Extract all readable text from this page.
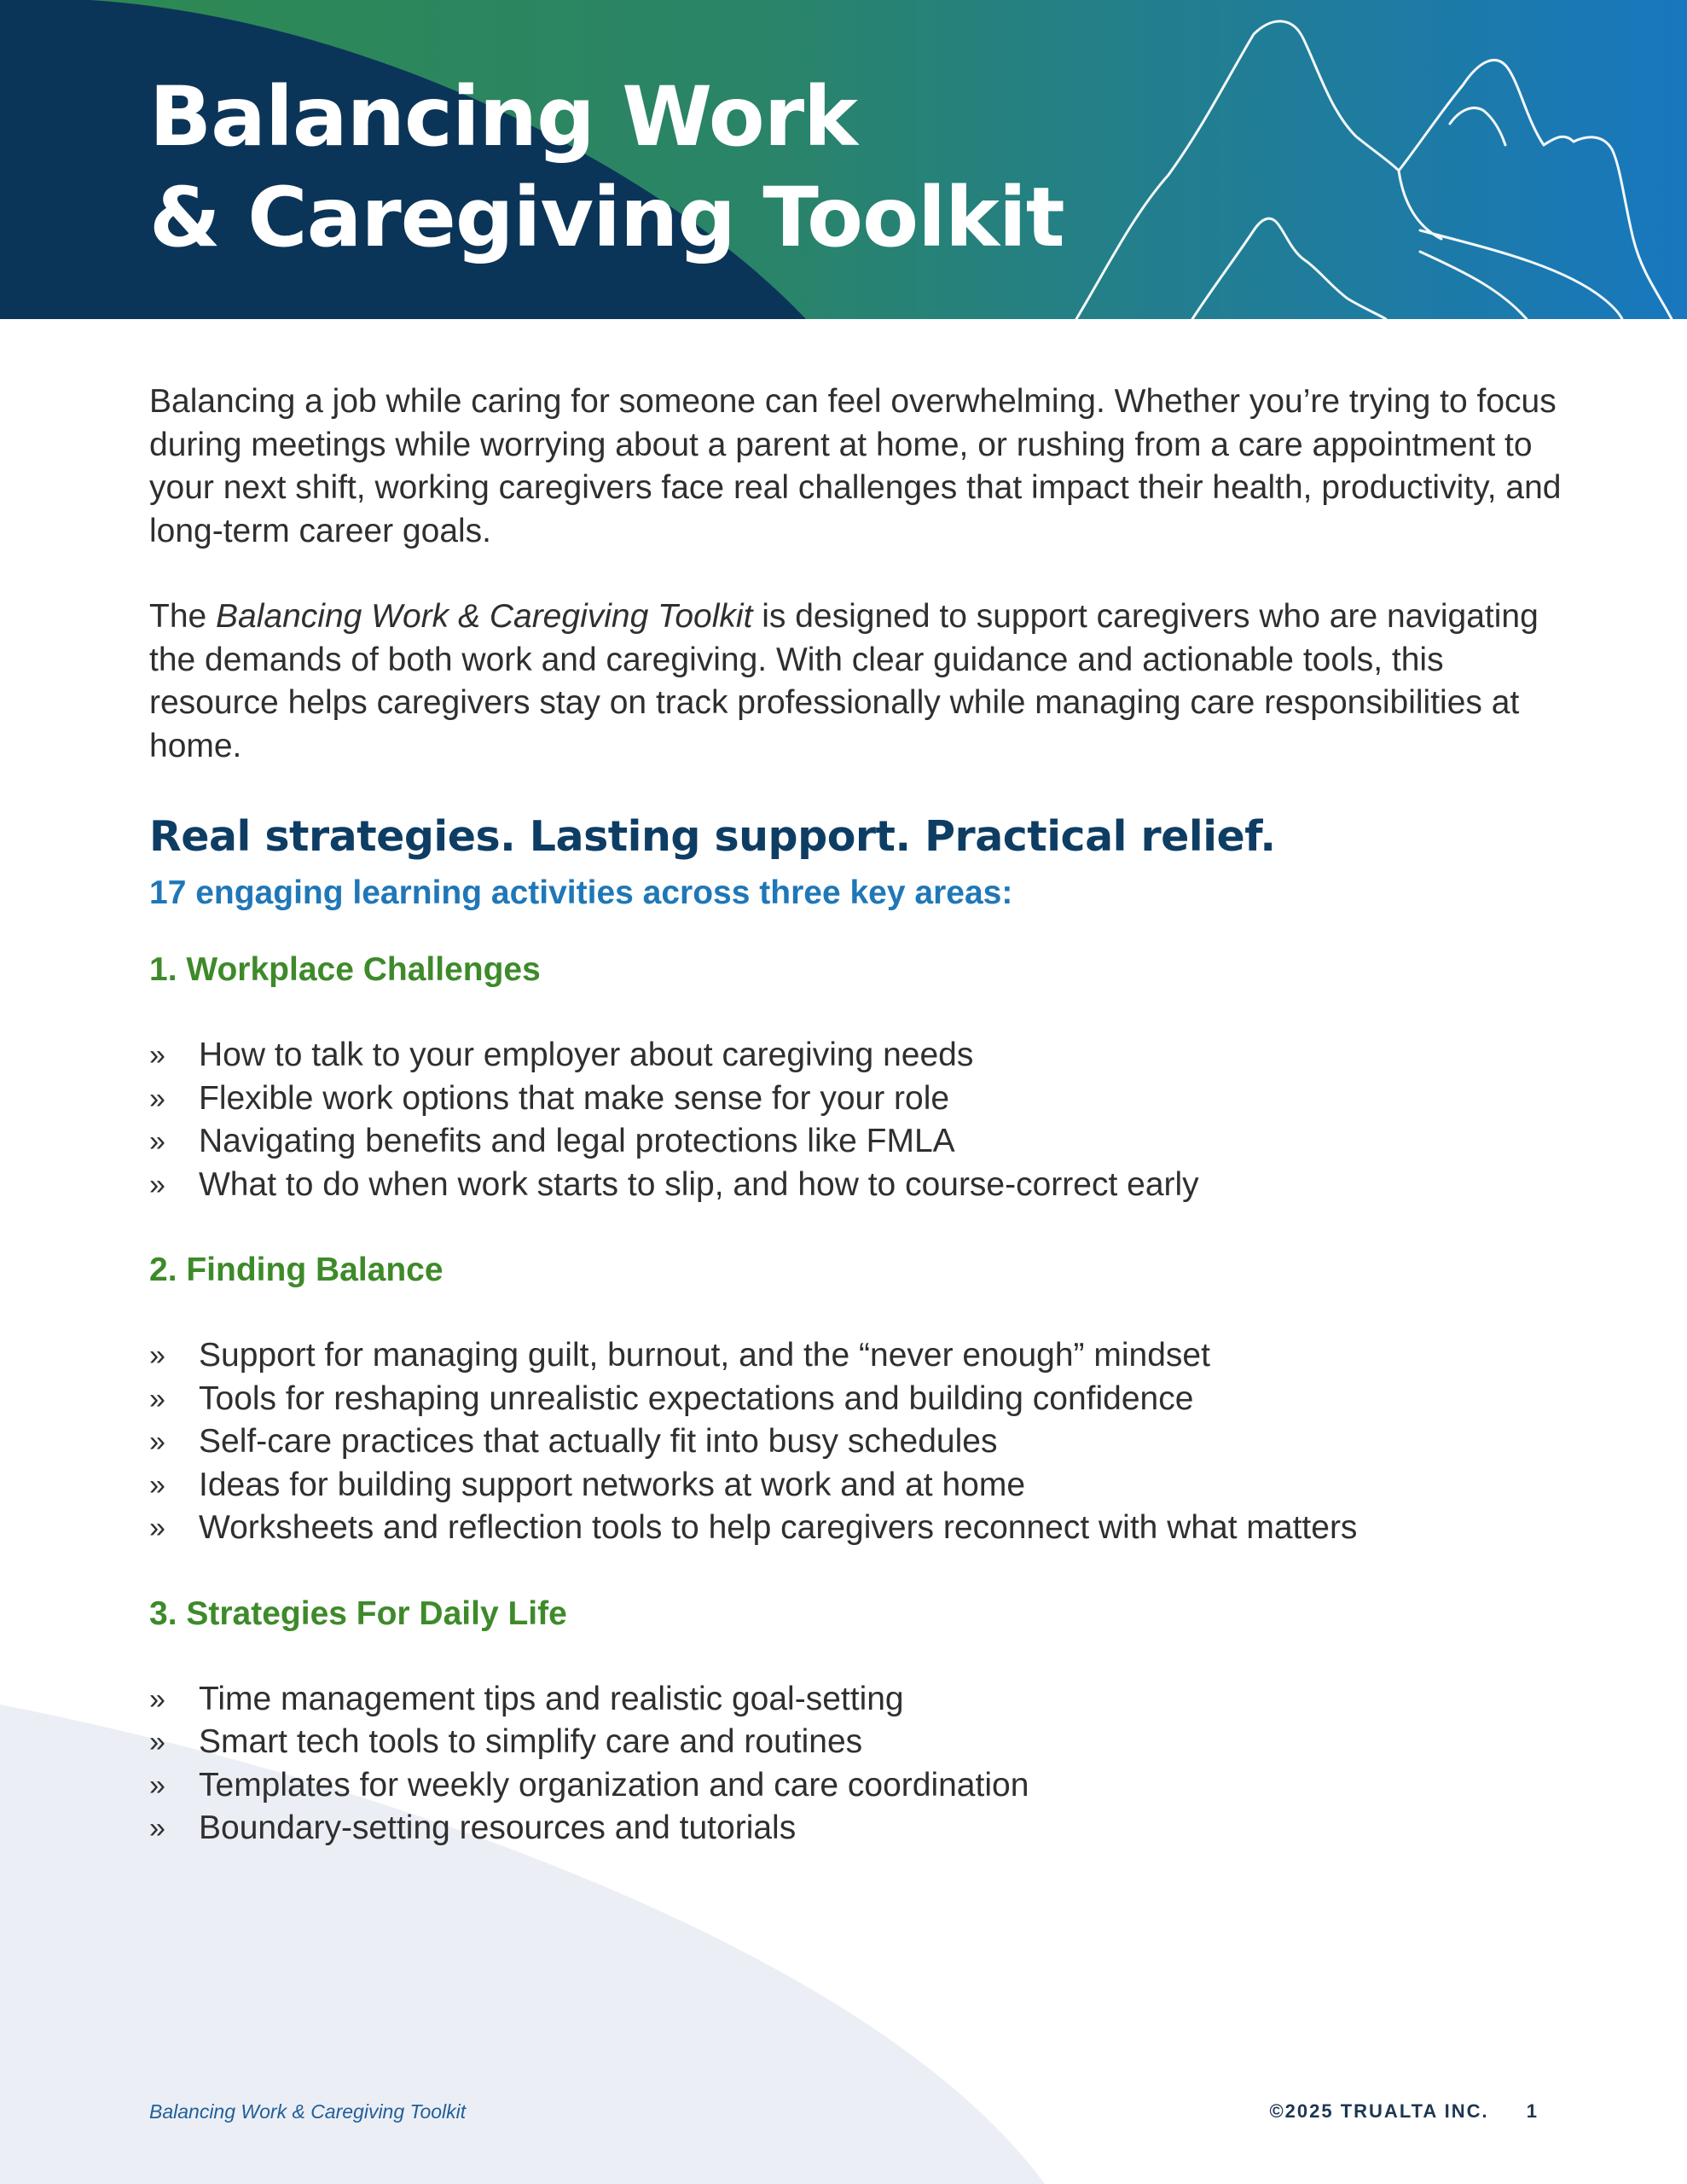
Balancing Work
& Caregiving Toolkit

Balancing a job while caring for someone can feel overwhelming. Whether you’re trying to focus during meetings while worrying about a parent at home, or rushing from a care appointment to your next shift, working caregivers face real challenges that impact their health, productivity, and long-term career goals.

The Balancing Work & Caregiving Toolkit is designed to support caregivers who are navigating the demands of both work and caregiving. With clear guidance and actionable tools, this resource helps caregivers stay on track professionally while managing care responsibilities at home.

Real strategies. Lasting support. Practical relief.
17 engaging learning activities across three key areas:
1. Workplace Challenges
» How to talk to your employer about caregiving needs
» Flexible work options that make sense for your role
» Navigating benefits and legal protections like FMLA
» What to do when work starts to slip, and how to course-correct early
2. Finding Balance
» Support for managing guilt, burnout, and the “never enough” mindset
» Tools for reshaping unrealistic expectations and building confidence
» Self-care practices that actually fit into busy schedules
» Ideas for building support networks at work and at home
» Worksheets and reflection tools to help caregivers reconnect with what matters
3. Strategies For Daily Life
» Time management tips and realistic goal-setting
» Smart tech tools to simplify care and routines
» Templates for weekly organization and care coordination
» Boundary-setting resources and tutorials
Balancing Work & Caregiving Toolkit	©2025 TRUALTA INC. 1
